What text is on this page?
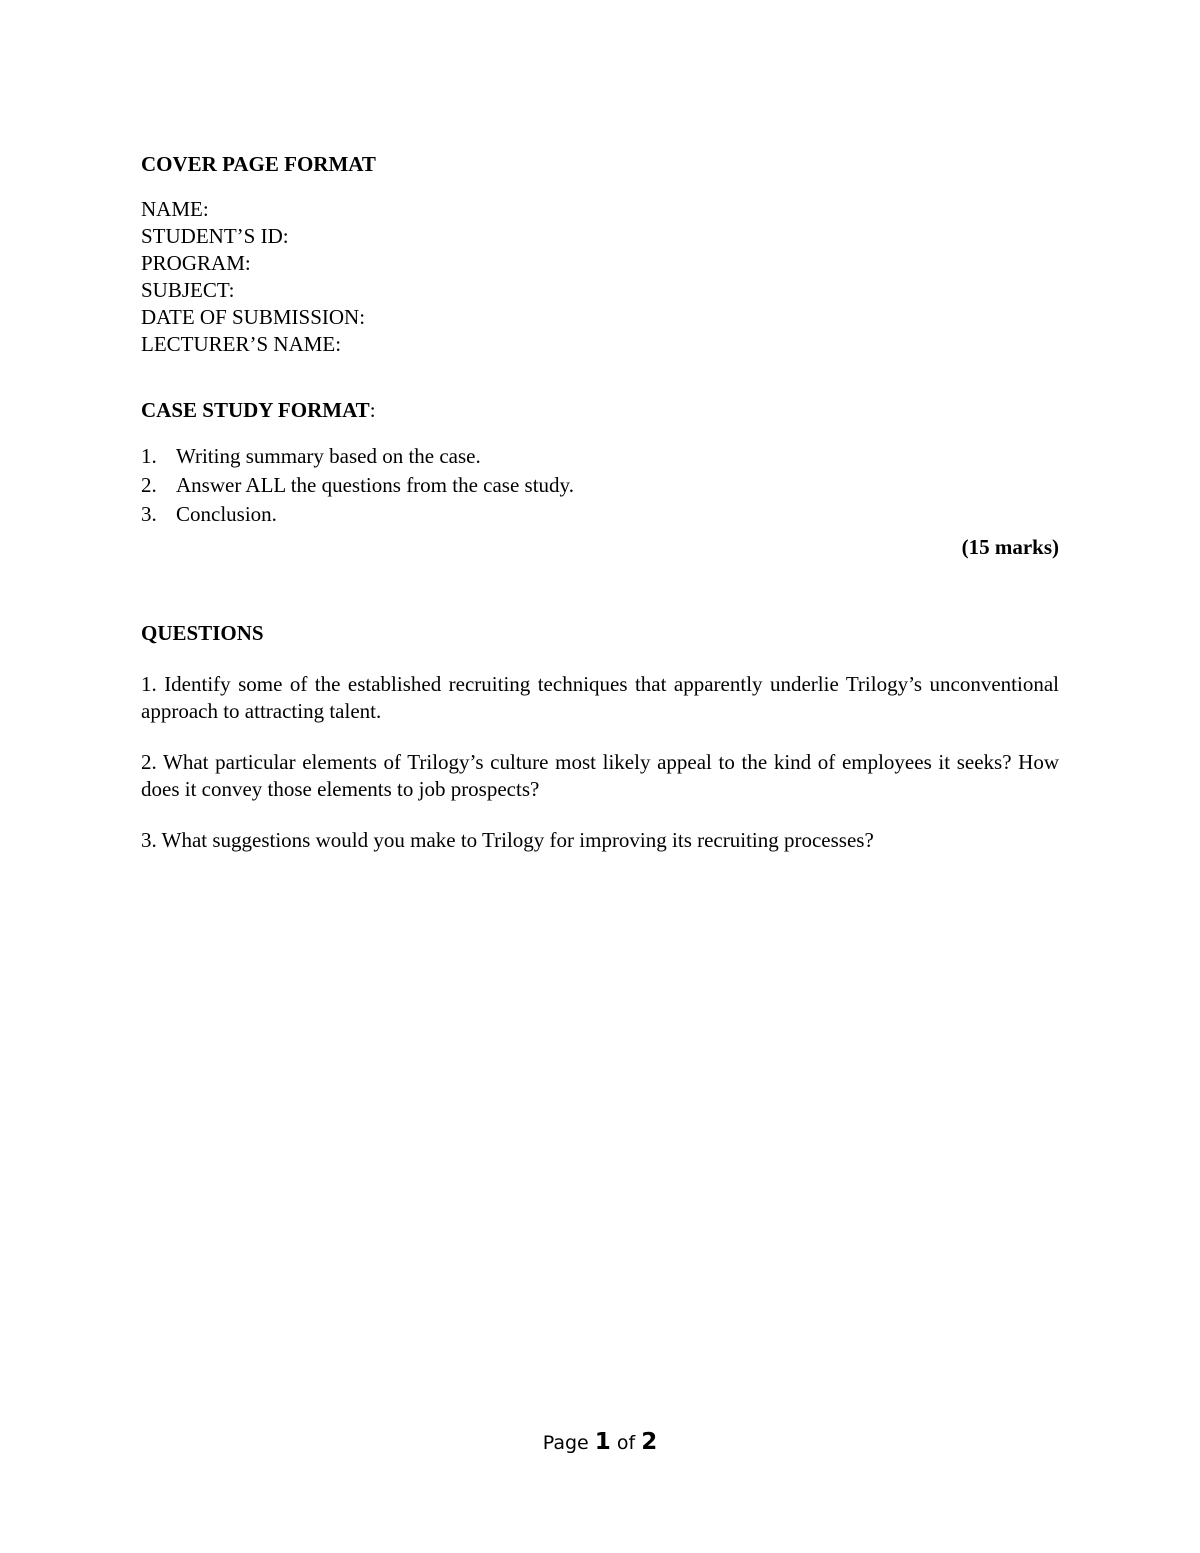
COVER PAGE FORMAT

NAME:

STUDENT’S ID:

PROGRAM:

SUBJECT:

DATE OF SUBMISSION:

LECTURER’S NAME:

CASE STUDY FORMAT:

1. Writing summary based on the case.
2. Answer ALL the questions from the case study.
3. Conclusion.

(15 marks)

QUESTIONS

1. Identify some of the established recruiting techniques that apparently underlie Trilogy’s unconventional approach to attracting talent.

2. What particular elements of Trilogy’s culture most likely appeal to the kind of employees it seeks? How does it convey those elements to job prospects?

3. What suggestions would you make to Trilogy for improving its recruiting processes?

Page 1 of 2
